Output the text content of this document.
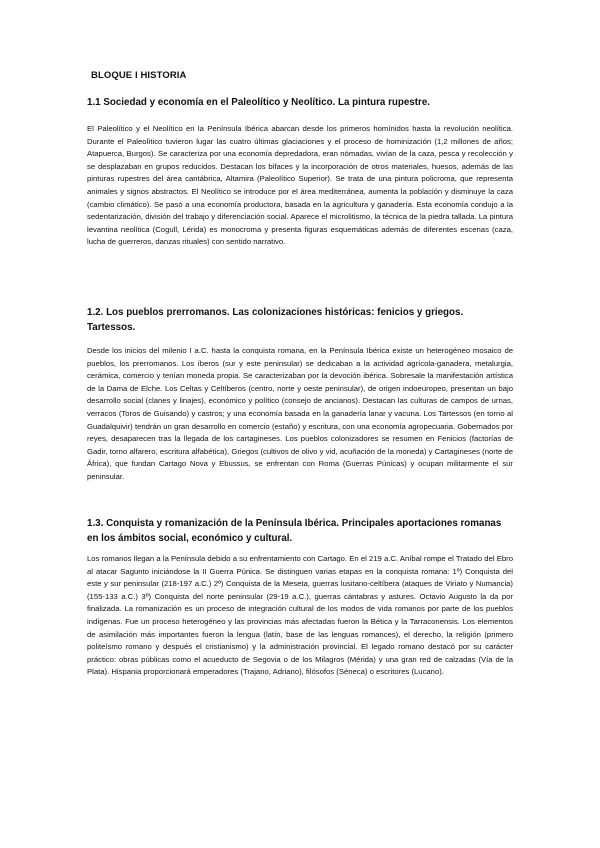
BLOQUE I HISTORIA
1.1 Sociedad y economía en el Paleolítico y Neolítico. La pintura rupestre.

El Paleolítico y el Neolítico en la Península Ibérica abarcan desde los primeros homínidos hasta la revolución neolítica. Durante el Paleolítico tuvieron lugar las cuatro últimas glaciaciones y el proceso de hominización (1,2 millones de años; Atapuerca, Burgos). Se caracteriza por una economía depredadora, eran nómadas, vivían de la caza, pesca y recolección y se desplazaban en grupos reducidos. Destacan los bifaces y la incorporación de otros materiales, huesos, además de las pinturas rupestres del área cantábrica, Altamira (Paleolítico Superior). Se trata de una pintura policroma, que representa animales y signos abstractos. El Neolítico se introduce por el área mediterránea, aumenta la población y disminuye la caza (cambio climático). Se pasó a una economía productora, basada en la agricultura y ganadería. Esta economía condujo a la sedentarización, división del trabajo y diferenciación social. Aparece el microlitismo, la técnica de la piedra tallada. La pintura levantina neolítica (Cogull, Lérida) es monocroma y presenta figuras esquemáticas además de diferentes escenas (caza, lucha de guerreros, danzas rituales) con sentido narrativo.

1.2. Los pueblos prerromanos. Las colonizaciones históricas: fenicios y griegos. Tartessos.

Desde los inicios del milenio I a.C. hasta la conquista romana, en la Península Ibérica existe un heterogéneo mosaico de pueblos, los prerromanos. Los íberos (sur y este peninsular) se dedicaban a la actividad agrícola-ganadera, metalurgia, cerámica, comercio y tenían moneda propia. Se caracterizaban por la devoción ibérica. Sobresale la manifestación artística de la Dama de Elche. Los Celtas y Celtíberos (centro, norte y oeste peninsular), de origen indoeuropeo, presentan un bajo desarrollo social (clanes y linajes), económico y político (consejo de ancianos). Destacan las culturas de campos de urnas, verracos (Toros de Guisando) y castros; y una economía basada en la ganadería lanar y vacuna. Los Tartessos (en torno al Guadalquivir) tendrán un gran desarrollo en comercio (estaño) y escritura, con una economía agropecuaria. Gobernados por reyes, desaparecen tras la llegada de los cartagineses. Los pueblos colonizadores se resumen en Fenicios (factorías de Gadir, torno alfarero, escritura alfabética), Griegos (cultivos de olivo y vid, acuñación de la moneda) y Cartagineses (norte de África), que fundan Cartago Nova y Ebussus, se enfrentan con Roma (Guerras Púnicas) y ocupan militarmente el sur peninsular.

1.3. Conquista y romanización de la Península Ibérica. Principales aportaciones romanas en los ámbitos social, económico y cultural.

Los romanos llegan a la Península debido a su enfrentamiento con Cartago. En el 219 a.C. Aníbal rompe el Tratado del Ebro al atacar Sagunto iniciándose la II Guerra Púnica. Se distinguen varias etapas en la conquista romana: 1º) Conquista del este y sur peninsular (218-197 a.C.) 2º) Conquista de la Meseta, guerras lusitano-celtíbera (ataques de Viriato y Numancia) (155-133 a.C.) 3º) Conquista del norte peninsular (29-19 a.C.), guerras cántabras y astures. Octavio Augusto la da por finalizada. La romanización es un proceso de integración cultural de los modos de vida romanos por parte de los pueblos indígenas. Fue un proceso heterogéneo y las provincias más afectadas fueron la Bética y la Tarraconensis. Los elementos de asimilación más importantes fueron la lengua (latín, base de las lenguas romances), el derecho, la religión (primero politeísmo romano y después el cristianismo) y la administración provincial. El legado romano destacó por su carácter práctico: obras públicas como el acueducto de Segovia o de los Milagros (Mérida) y una gran red de calzadas (Vía de la Plata). Hispania proporcionará emperadores (Trajano, Adriano), filósofos (Séneca) o escritores (Lucano).
